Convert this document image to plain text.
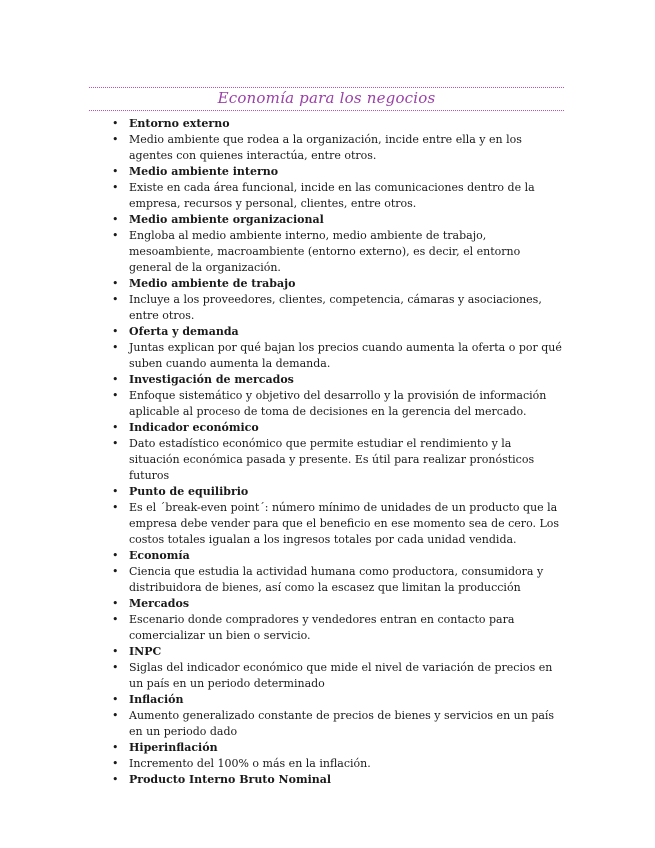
Economía para los negocios
• Entorno externo
• Medio ambiente que rodea a la organización, incide entre ella y en los agentes con quienes interactúa, entre otros.
• Medio ambiente interno
• Existe en cada área funcional, incide en las comunicaciones dentro de la empresa, recursos y personal, clientes, entre otros.
• Medio ambiente organizacional
• Engloba al medio ambiente interno, medio ambiente de trabajo, mesoambiente, macroambiente (entorno externo), es decir, el entorno general de la organización.
• Medio ambiente de trabajo
• Incluye a los proveedores, clientes, competencia, cámaras y asociaciones, entre otros.
• Oferta y demanda
• Juntas explican por qué bajan los precios cuando aumenta la oferta o por qué suben cuando aumenta la demanda.
• Investigación de mercados
• Enfoque sistemático y objetivo del desarrollo y la provisión de información aplicable al proceso de toma de decisiones en la gerencia del mercado.
• Indicador económico
• Dato estadístico económico que permite estudiar el rendimiento y la situación económica pasada y presente. Es útil para realizar pronósticos futuros
• Punto de equilibrio
• Es el ´break-even point´: número mínimo de unidades de un producto que la empresa debe vender para que el beneficio en ese momento sea de cero. Los costos totales igualan a los ingresos totales por cada unidad vendida.
• Economía
• Ciencia que estudia la actividad humana como productora, consumidora y distribuidora de bienes, así como la escasez que limitan la producción
• Mercados
• Escenario donde compradores y vendedores entran en contacto para comercializar un bien o servicio.
• INPC
• Siglas del indicador económico que mide el nivel de variación de precios en un país en un periodo determinado
• Inflación
• Aumento generalizado constante de precios de bienes y servicios en un país en un periodo dado
• Hiperinflación
• Incremento del 100% o más en la inflación.
• Producto Interno Bruto Nominal
